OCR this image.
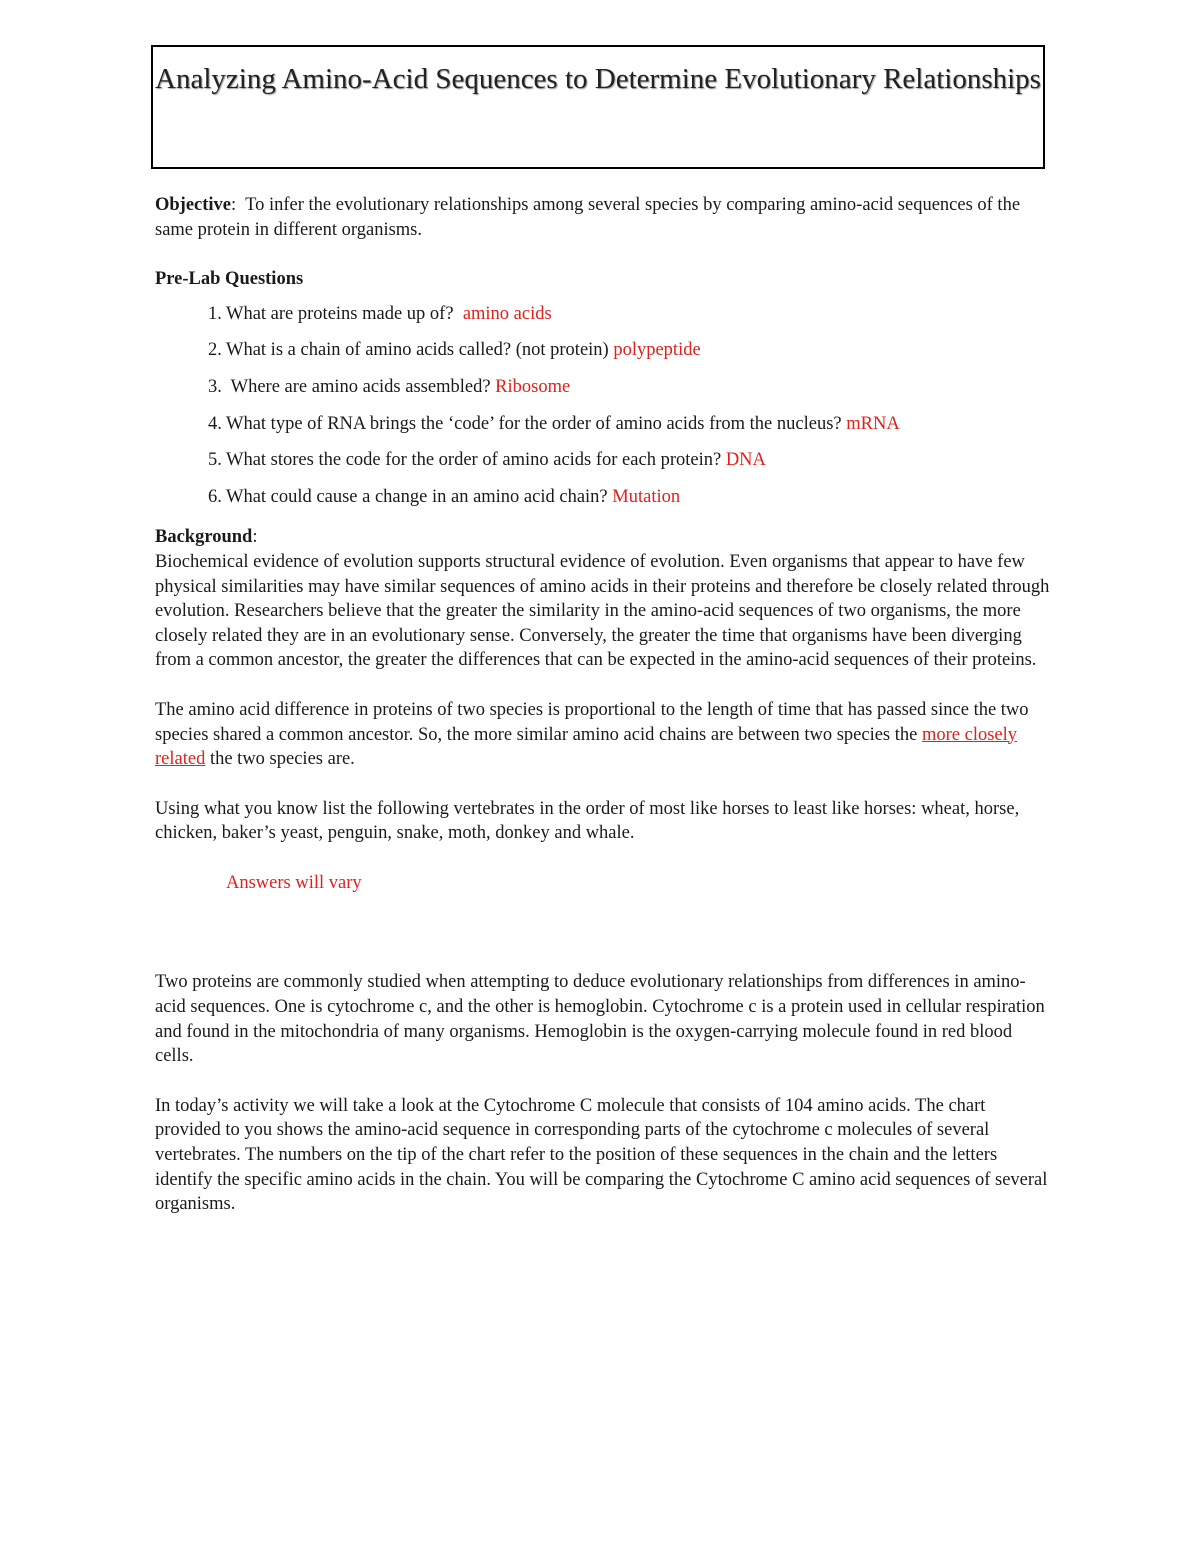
Analyzing Amino-Acid Sequences to Determine Evolutionary Relationships

Objective:  To infer the evolutionary relationships among several species by comparing amino-acid sequences of the same protein in different organisms.

Pre-Lab Questions

1. What are proteins made up of? amino acids
2. What is a chain of amino acids called? (not protein) polypeptide
3. Where are amino acids assembled? Ribosome
4. What type of RNA brings the ‘code’ for the order of amino acids from the nucleus? mRNA
5. What stores the code for the order of amino acids for each protein? DNA
6. What could cause a change in an amino acid chain? Mutation

Background:

Biochemical evidence of evolution supports structural evidence of evolution. Even organisms that appear to have few physical similarities may have similar sequences of amino acids in their proteins and therefore be closely related through evolution. Researchers believe that the greater the similarity in the amino-acid sequences of two organisms, the more closely related they are in an evolutionary sense. Conversely, the greater the time that organisms have been diverging from a common ancestor, the greater the differences that can be expected in the amino-acid sequences of their proteins.

The amino acid difference in proteins of two species is proportional to the length of time that has passed since the two species shared a common ancestor. So, the more similar amino acid chains are between two species the more closely related the two species are.

Using what you know list the following vertebrates in the order of most like horses to least like horses: wheat, horse, chicken, baker’s yeast, penguin, snake, moth, donkey and whale.

Answers will vary

Two proteins are commonly studied when attempting to deduce evolutionary relationships from differences in amino-acid sequences. One is cytochrome c, and the other is hemoglobin. Cytochrome c is a protein used in cellular respiration and found in the mitochondria of many organisms. Hemoglobin is the oxygen-carrying molecule found in red blood cells.

In today’s activity we will take a look at the Cytochrome C molecule that consists of 104 amino acids. The chart provided to you shows the amino-acid sequence in corresponding parts of the cytochrome c molecules of several vertebrates. The numbers on the tip of the chart refer to the position of these sequences in the chain and the letters identify the specific amino acids in the chain. You will be comparing the Cytochrome C amino acid sequences of several organisms.
